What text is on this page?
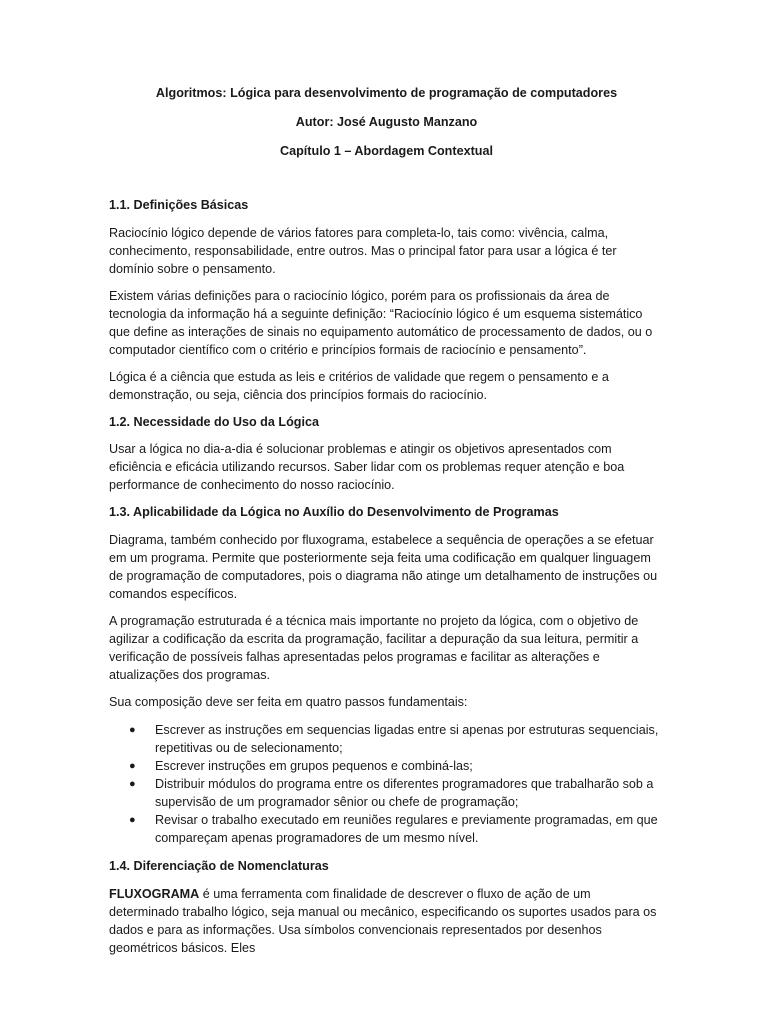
Algoritmos: Lógica para desenvolvimento de programação de computadores

Autor: José Augusto Manzano

Capítulo 1 – Abordagem Contextual

1.1. Definições Básicas

Raciocínio lógico depende de vários fatores para completa-lo, tais como: vivência, calma, conhecimento, responsabilidade, entre outros. Mas o principal fator para usar a lógica é ter domínio sobre o pensamento.

Existem várias definições para o raciocínio lógico, porém para os profissionais da área de tecnologia da informação há a seguinte definição: “Raciocínio lógico é um esquema sistemático que define as interações de sinais no equipamento automático de processamento de dados, ou o computador científico com o critério e princípios formais de raciocínio e pensamento”.

Lógica é a ciência que estuda as leis e critérios de validade que regem o pensamento e a demonstração, ou seja, ciência dos princípios formais do raciocínio.

1.2. Necessidade do Uso da Lógica

Usar a lógica no dia-a-dia é solucionar problemas e atingir os objetivos apresentados com eficiência e eficácia utilizando recursos. Saber lidar com os problemas requer atenção e boa performance de conhecimento do nosso raciocínio.

1.3. Aplicabilidade da Lógica no Auxílio do Desenvolvimento de Programas

Diagrama, também conhecido por fluxograma, estabelece a sequência de operações a se efetuar em um programa. Permite que posteriormente seja feita uma codificação em qualquer linguagem de programação de computadores, pois o diagrama não atinge um detalhamento de instruções ou comandos específicos.

A programação estruturada é a técnica mais importante no projeto da lógica, com o objetivo de agilizar a codificação da escrita da programação, facilitar a depuração da sua leitura, permitir a verificação de possíveis falhas apresentadas pelos programas e facilitar as alterações e atualizações dos programas.

Sua composição deve ser feita em quatro passos fundamentais:

● Escrever as instruções em sequencias ligadas entre si apenas por estruturas sequenciais, repetitivas ou de selecionamento;
● Escrever instruções em grupos pequenos e combiná-las;
● Distribuir módulos do programa entre os diferentes programadores que trabalharão sob a supervisão de um programador sênior ou chefe de programação;
● Revisar o trabalho executado em reuniões regulares e previamente programadas, em que compareçam apenas programadores de um mesmo nível.
1.4. Diferenciação de Nomenclaturas

FLUXOGRAMA é uma ferramenta com finalidade de descrever o fluxo de ação de um determinado trabalho lógico, seja manual ou mecânico, especificando os suportes usados para os dados e para as informações. Usa símbolos convencionais representados por desenhos geométricos básicos. Eles
